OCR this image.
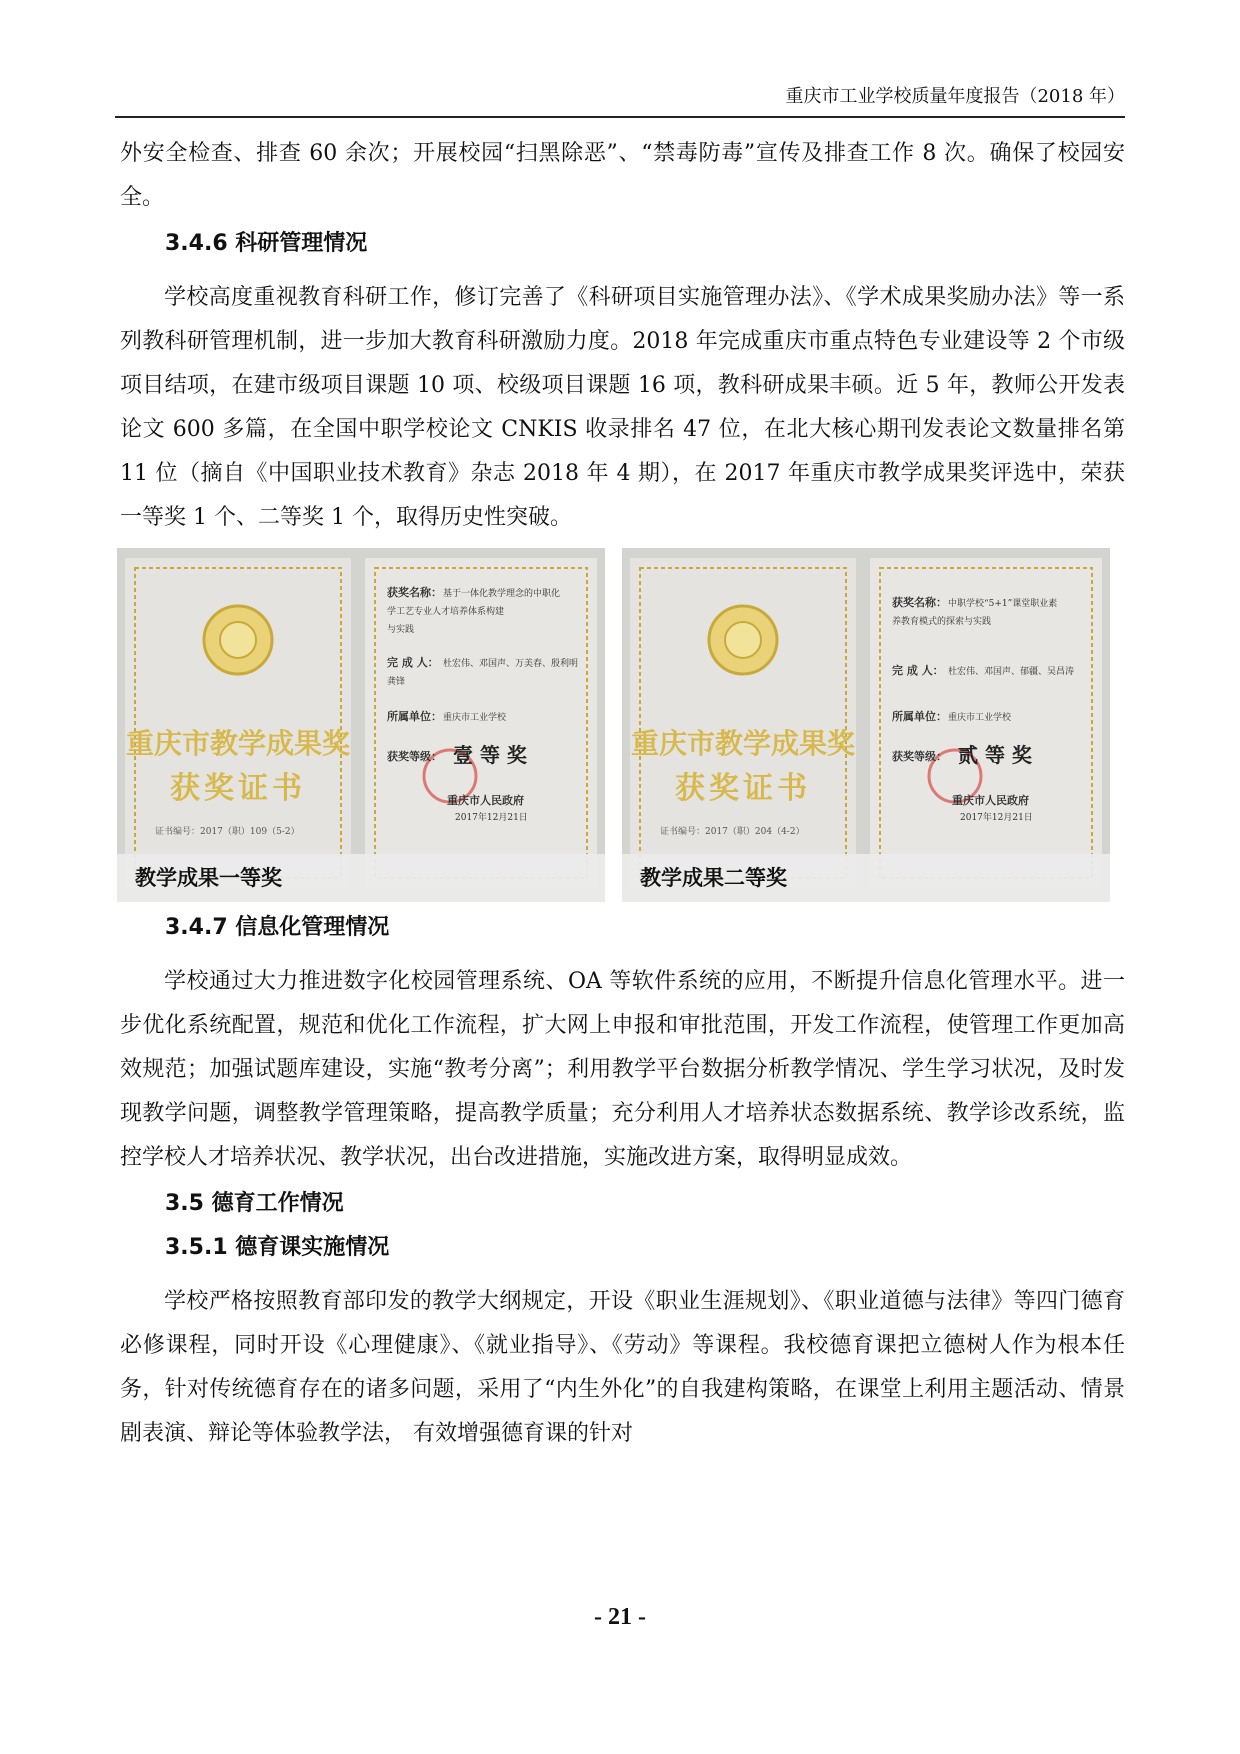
重庆市工业学校质量年度报告（2018 年）

外安全检查、排查 60 余次；开展校园“扫黑除恶”、“禁毒防毒”宣传及排查工作 8 次。确保了校园安全。

3.4.6 科研管理情况

学校高度重视教育科研工作，修订完善了《科研项目实施管理办法》、《学术成果奖励办法》等一系列教科研管理机制，进一步加大教育科研激励力度。2018 年完成重庆市重点特色专业建设等 2 个市级项目结项，在建市级项目课题 10 项、校级项目课题 16 项，教科研成果丰硕。近 5 年，教师公开发表论文 600 多篇，在全国中职学校论文 CNKIS 收录排名 47 位，在北大核心期刊发表论文数量排名第 11 位（摘自《中国职业技术教育》杂志 2018 年 4 期），在 2017 年重庆市教学成果奖评选中，荣获一等奖 1 个、二等奖 1 个，取得历史性突破。

重庆市教学成果奖
获奖证书
证书编号：2017（职）109（5-2）
获奖名称： 基于一体化教学理念的中职化
学工艺专业人才培养体系构建
与实践
完 成 人： 杜宏伟、邓国声、万美春、殷利明
龚锋
所属单位： 重庆市工业学校
获奖等级： 壹 等 奖
重庆市人民政府
2017年12月21日
教学成果一等奖
重庆市教学成果奖
获奖证书
证书编号：2017（职）204（4-2）
获奖名称： 中职学校“5+1”课堂职业素
养教育模式的探索与实践
完 成 人： 杜宏伟、邓国声、郁疆、吴昌涛
所属单位： 重庆市工业学校
获奖等级： 贰 等 奖
重庆市人民政府
2017年12月21日
教学成果二等奖
3.4.7 信息化管理情况

学校通过大力推进数字化校园管理系统、OA 等软件系统的应用，不断提升信息化管理水平。进一步优化系统配置，规范和优化工作流程，扩大网上申报和审批范围，开发工作流程，使管理工作更加高效规范；加强试题库建设，实施“教考分离”；利用教学平台数据分析教学情况、学生学习状况，及时发现教学问题，调整教学管理策略，提高教学质量；充分利用人才培养状态数据系统、教学诊改系统，监控学校人才培养状况、教学状况，出台改进措施，实施改进方案，取得明显成效。

3.5 德育工作情况
3.5.1 德育课实施情况

学校严格按照教育部印发的教学大纲规定，开设《职业生涯规划》、《职业道德与法律》等四门德育必修课程，同时开设《心理健康》、《就业指导》、《劳动》等课程。我校德育课把立德树人作为根本任务，针对传统德育存在的诸多问题，采用了“内生外化”的自我建构策略，在课堂上利用主题活动、情景剧表演、辩论等体验教学法， 有效增强德育课的针对

- 21 -
